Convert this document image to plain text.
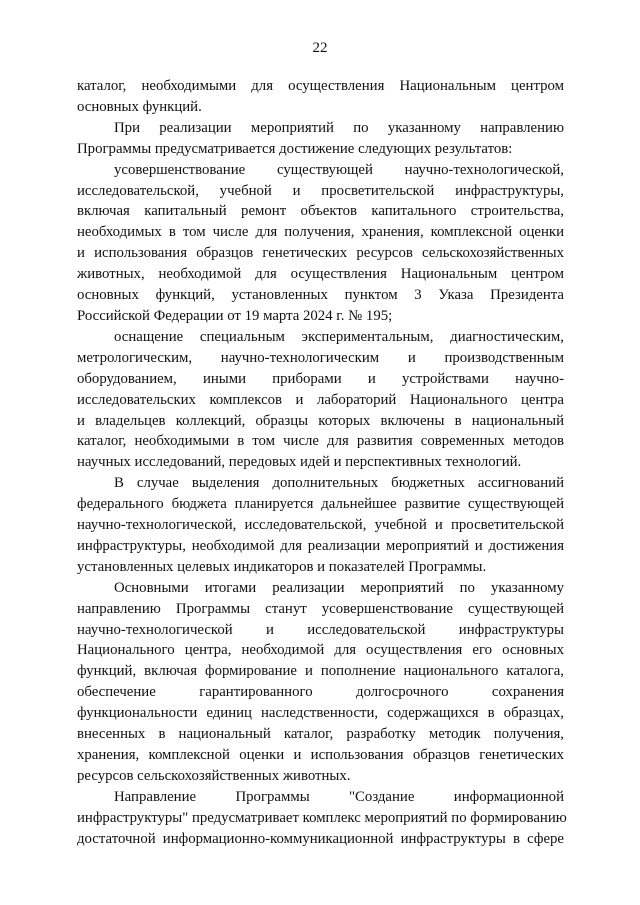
22
каталог, необходимыми для осуществления Национальным центром
основных функций.
При реализации мероприятий по указанному направлению
Программы предусматривается достижение следующих результатов:
усовершенствование существующей научно-технологической,
исследовательской, учебной и просветительской инфраструктуры,
включая капитальный ремонт объектов капитального строительства,
необходимых в том числе для получения, хранения, комплексной оценки
и использования образцов генетических ресурсов сельскохозяйственных
животных, необходимой для осуществления Национальным центром
основных функций, установленных пунктом 3 Указа Президента
Российской Федерации от 19 марта 2024 г. № 195;
оснащение специальным экспериментальным, диагностическим,
метрологическим, научно-технологическим и производственным
оборудованием, иными приборами и устройствами научно-
исследовательских комплексов и лабораторий Национального центра
и владельцев коллекций, образцы которых включены в национальный
каталог, необходимыми в том числе для развития современных методов
научных исследований, передовых идей и перспективных технологий.
В случае выделения дополнительных бюджетных ассигнований
федерального бюджета планируется дальнейшее развитие существующей
научно-технологической, исследовательской, учебной и просветительской
инфраструктуры, необходимой для реализации мероприятий и достижения
установленных целевых индикаторов и показателей Программы.
Основными итогами реализации мероприятий по указанному
направлению Программы станут усовершенствование существующей
научно-технологической и исследовательской инфраструктуры
Национального центра, необходимой для осуществления его основных
функций, включая формирование и пополнение национального каталога,
обеспечение гарантированного долгосрочного сохранения
функциональности единиц наследственности, содержащихся в образцах,
внесенных в национальный каталог, разработку методик получения,
хранения, комплексной оценки и использования образцов генетических
ресурсов сельскохозяйственных животных.
Направление Программы "Создание информационной
инфраструктуры" предусматривает комплекс мероприятий по формированию
достаточной информационно-коммуникационной инфраструктуры в сфере
